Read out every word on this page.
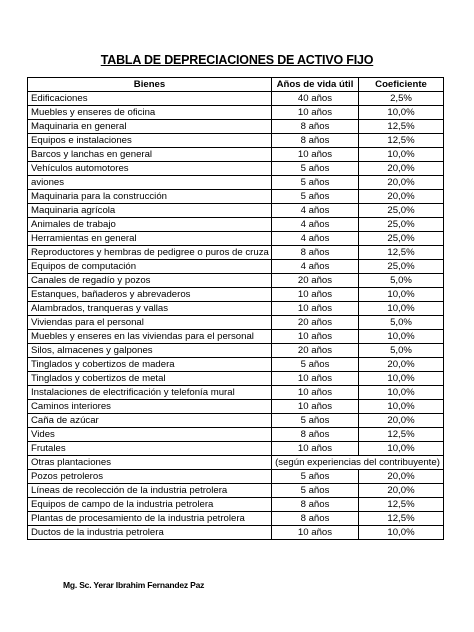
TABLA DE DEPRECIACIONES DE ACTIVO FIJO
Bienes	Años de vida útil	Coeficiente
Edificaciones	40 años	2,5%
Muebles y enseres de oficina	10 años	10,0%
Maquinaria en general	8 años	12,5%
Equipos e instalaciones	8 años	12,5%
Barcos y lanchas en general	10 años	10,0%
Vehículos automotores	5 años	20,0%
aviones	5 años	20,0%
Maquinaria para la construcción	5 años	20,0%
Maquinaria agrícola	4 años	25,0%
Animales de trabajo	4 años	25,0%
Herramientas en general	4 años	25,0%
Reproductores y hembras de pedigree o puros de cruza	8 años	12,5%
Equipos de computación	4 años	25,0%
Canales de regadío y pozos	20 años	5,0%
Estanques, bañaderos y abrevaderos	10 años	10,0%
Alambrados, tranqueras y vallas	10 años	10,0%
Viviendas para el personal	20 años	5,0%
Muebles y enseres en las viviendas para el personal	10 años	10,0%
Silos, almacenes y galpones	20 años	5,0%
Tinglados y cobertizos de madera	5 años	20,0%
Tinglados y cobertizos de metal	10 años	10,0%
Instalaciones de electrificación y telefonía mural	10 años	10,0%
Caminos interiores	10 años	10,0%
Caña de azúcar	5 años	20,0%
Vides	8 años	12,5%
Frutales	10 años	10,0%
Otras plantaciones	(según experiencias del contribuyente)	
Pozos petroleros	5 años	20,0%
Líneas de recolección de la industria petrolera	5 años	20,0%
Equipos de campo de la industria petrolera	8 años	12,5%
Plantas de procesamiento de la industria petrolera	8 años	12,5%
Ductos de la industria petrolera	10 años	10,0%
Mg. Sc. Yerar Ibrahim Fernandez Paz
